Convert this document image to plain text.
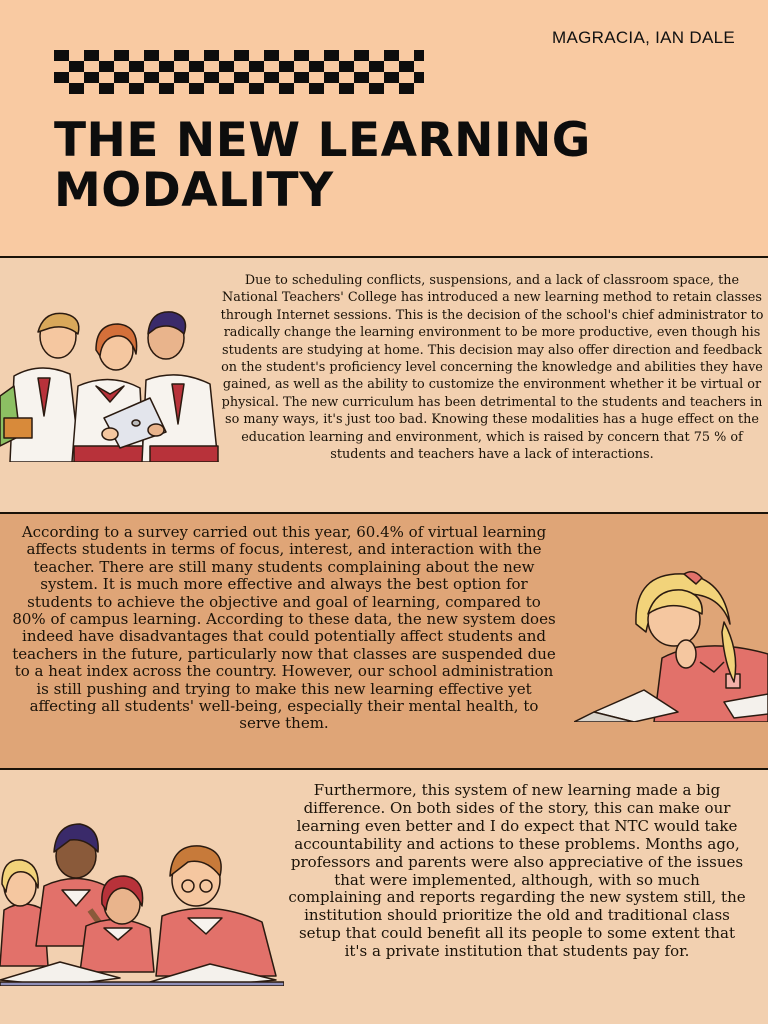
MAGRACIA, IAN DALE
THE NEW LEARNING MODALITY
Due to scheduling conflicts, suspensions, and a lack of classroom space, the National Teachers' College has introduced a new learning method to retain classes through Internet sessions. This is the decision of the school's chief administrator to radically change the learning environment to be more productive, even though his students are studying at home. This decision may also offer direction and feedback on the student's proficiency level concerning the knowledge and abilities they have gained, as well as the ability to customize the environment whether it be virtual or physical. The new curriculum has been detrimental to the students and teachers in so many ways, it's just too bad. Knowing these modalities has a huge effect on the education learning and environment, which is raised by concern that 75 % of students and teachers have a lack of interactions.
According to a survey carried out this year, 60.4% of virtual learning affects students in terms of focus, interest, and interaction with the teacher. There are still many students complaining about the new system. It is much more effective and always the best option for students to achieve the objective and goal of learning, compared to 80% of campus learning. According to these data, the new system does indeed have disadvantages that could potentially affect students and teachers in the future, particularly now that classes are suspended due to a heat index across the country. However, our school administration is still pushing and trying to make this new learning effective yet affecting all students' well-being, especially their mental health, to serve them.
Furthermore, this system of new learning made a big difference. On both sides of the story, this can make our learning even better and I do expect that NTC would take accountability and actions to these problems. Months ago, professors and parents were also appreciative of the issues that were implemented, although, with so much complaining and reports regarding the new system still, the institution should prioritize the old and traditional class setup that could benefit all its people to some extent that it's a private institution that students pay for.
